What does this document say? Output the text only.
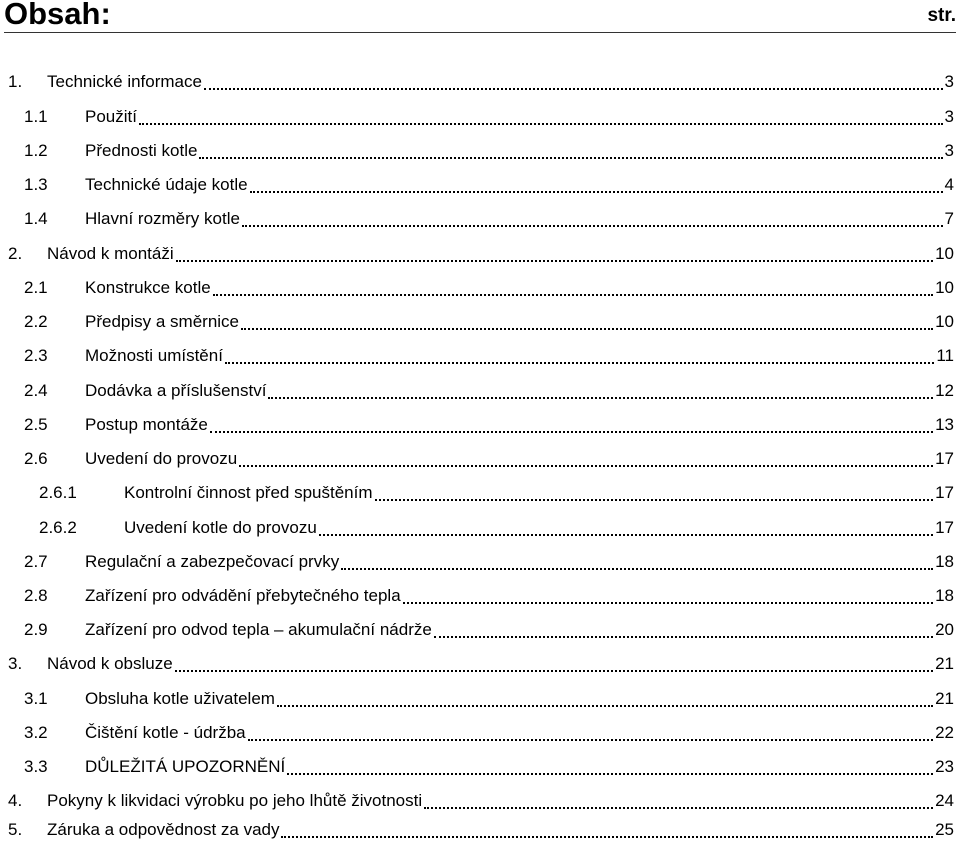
Obsah:	str.
1. Technické informace	3
1.1 Použití	3
1.2 Přednosti kotle	3
1.3 Technické údaje kotle	4
1.4 Hlavní rozměry kotle	7
2. Návod k montáži	10
2.1 Konstrukce kotle	10
2.2 Předpisy a směrnice	10
2.3 Možnosti umístění	11
2.4 Dodávka a příslušenství	12
2.5 Postup montáže	13
2.6 Uvedení do provozu	17
2.6.1	Kontrolní činnost před spuštěním	17
2.6.2	Uvedení kotle do provozu	17
2.7 Regulační a zabezpečovací prvky	18
2.8 Zařízení pro odvádění přebytečného tepla	18
2.9 Zařízení pro odvod tepla – akumulační nádrže	20
3. Návod k obsluze	21
3.1 Obsluha kotle uživatelem	21
3.2 Čištění kotle - údržba	22
3.3 DŮLEŽITÁ UPOZORNĚNÍ	23
4. Pokyny k likvidaci výrobku po jeho lhůtě životnosti	24
5. Záruka a odpovědnost za vady	25
